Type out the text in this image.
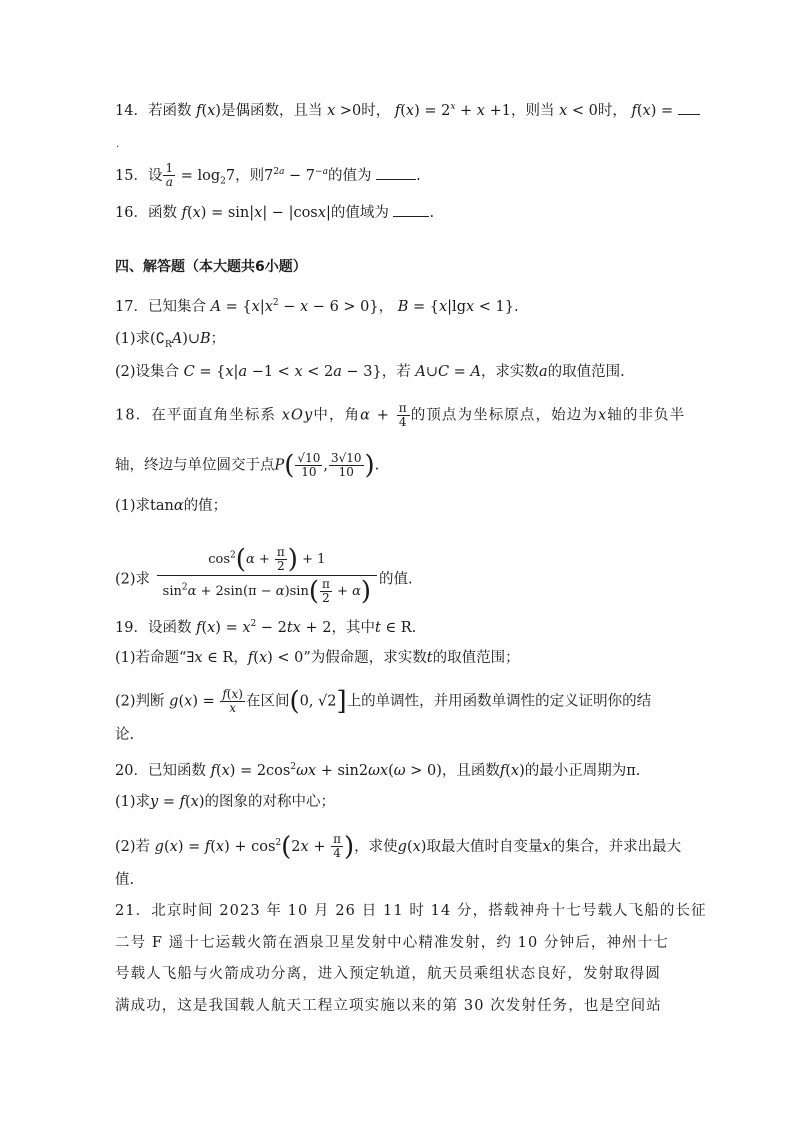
14．若函数 f(x)是偶函数，且当 x >0时， $f(x) = 2^x + x +1$，则当 x < 0时， f(x) =
.
15．设 $\frac{1}{a} = \log_27$，则$7^{2a} - 7^{-a}$的值为	.
16．函数 f(x) = sin|x| − |cosx|的值域为	.
四、解答题（本大题共6小题）
17．已知集合 $A = \{x|x^2 - x - 6 > 0\}$， B = {x|lgx < 1}.
(1)求$(∁_RA)\cup B$；
(2)设集合 C = {x|a −1 < x < 2a − 3}，若 A∪C = A，求实数a的取值范围.
18．在平面直角坐标系 xOy中，角$\alpha + \frac{\pi}{4}$ 的顶点为坐标原点，始边为x轴的非负半
轴，终边与单位圆交于点$P( \frac{√10}{10}$ , $\frac{3√10}{10}$ ).
(1)求tanα的值；
(2)求 $\frac{\cos^2(\alpha + \frac{\pi}{2} ) + 1}{\sin^2\alpha + 2\sin(\pi - \alpha)\sin( \frac{\pi}{2} + \alpha)}$ 的值.
19．设函数 $f(x) = x^2 - 2tx + 2$，其中t ∈ R.
(1)若命题“∃x ∈ R，f(x) < 0”为假命题，求实数t的取值范围；
(2)判断 $g(x) = \frac{f(x)}{x}$ 在区间(0, √2]上的单调性，并用函数单调性的定义证明你的结
论.
20．已知函数 $f(x) = 2\cos^2\omega x + \sin 2\omega x(\omega > 0)$，且函数f(x)的最小正周期为π.
(1)求y = f(x)的图象的对称中心；
(2)若 $g(x) = f(x) + \cos^2(2x + \frac{\pi}{4}$ )，求使g(x)取最大值时自变量x的集合，并求出最大
值.
21．北京时间 2023 年 10 月 26 日 11 时 14 分，搭载神舟十七号载人飞船的长征
二号 F 遥十七运载火箭在酒泉卫星发射中心精准发射，约 10 分钟后，神州十七
号载人飞船与火箭成功分离，进入预定轨道，航天员乘组状态良好，发射取得圆
满成功，这是我国载人航天工程立项实施以来的第 30 次发射任务，也是空间站
